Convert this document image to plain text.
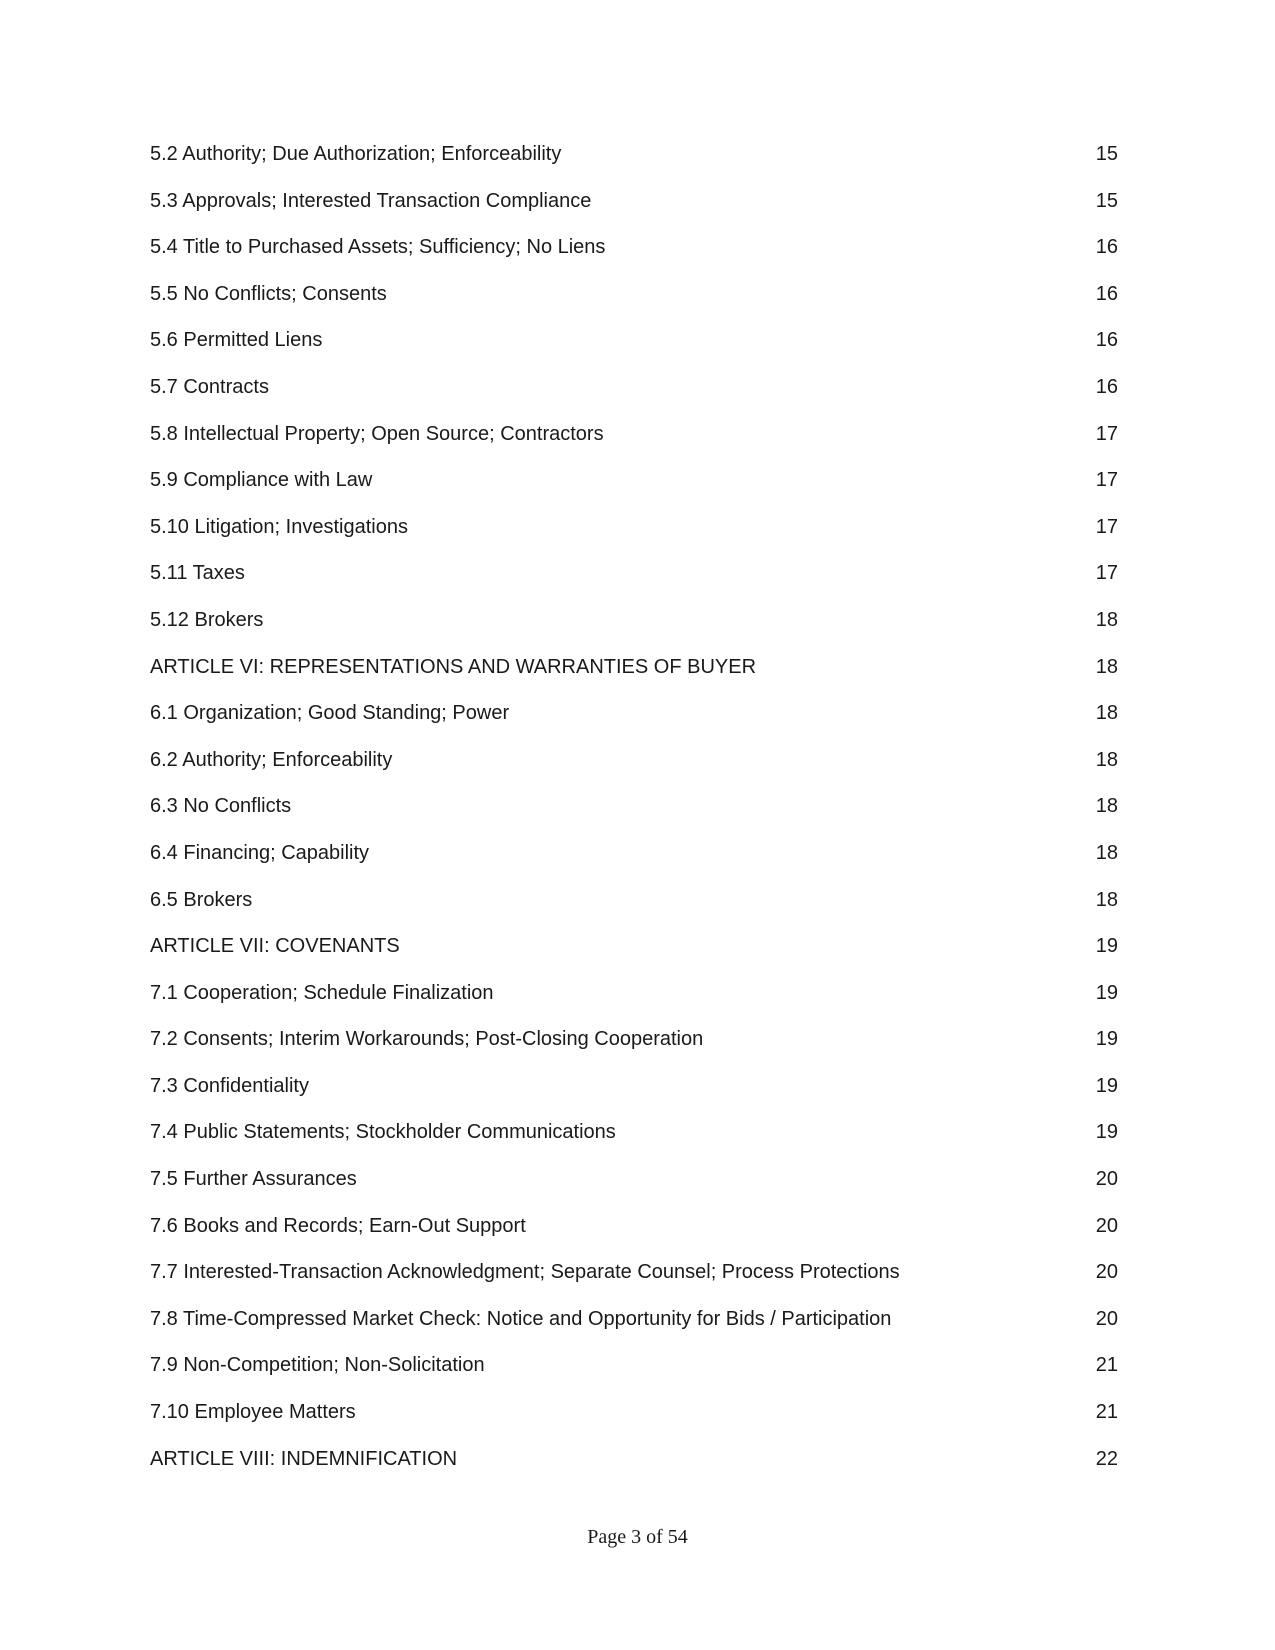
5.2 Authority; Due Authorization; Enforceability	15
5.3 Approvals; Interested Transaction Compliance	15
5.4 Title to Purchased Assets; Sufficiency; No Liens	16
5.5 No Conflicts; Consents	16
5.6 Permitted Liens	16
5.7 Contracts	16
5.8 Intellectual Property; Open Source; Contractors	17
5.9 Compliance with Law	17
5.10 Litigation; Investigations	17
5.11 Taxes	17
5.12 Brokers	18
ARTICLE VI: REPRESENTATIONS AND WARRANTIES OF BUYER	18
6.1 Organization; Good Standing; Power	18
6.2 Authority; Enforceability	18
6.3 No Conflicts	18
6.4 Financing; Capability	18
6.5 Brokers	18
ARTICLE VII: COVENANTS	19
7.1 Cooperation; Schedule Finalization	19
7.2 Consents; Interim Workarounds; Post-Closing Cooperation	19
7.3 Confidentiality	19
7.4 Public Statements; Stockholder Communications	19
7.5 Further Assurances	20
7.6 Books and Records; Earn-Out Support	20
7.7 Interested-Transaction Acknowledgment; Separate Counsel; Process Protections	20
7.8 Time-Compressed Market Check: Notice and Opportunity for Bids / Participation	20
7.9 Non-Competition; Non-Solicitation	21
7.10 Employee Matters	21
ARTICLE VIII: INDEMNIFICATION	22
Page 3 of 54
